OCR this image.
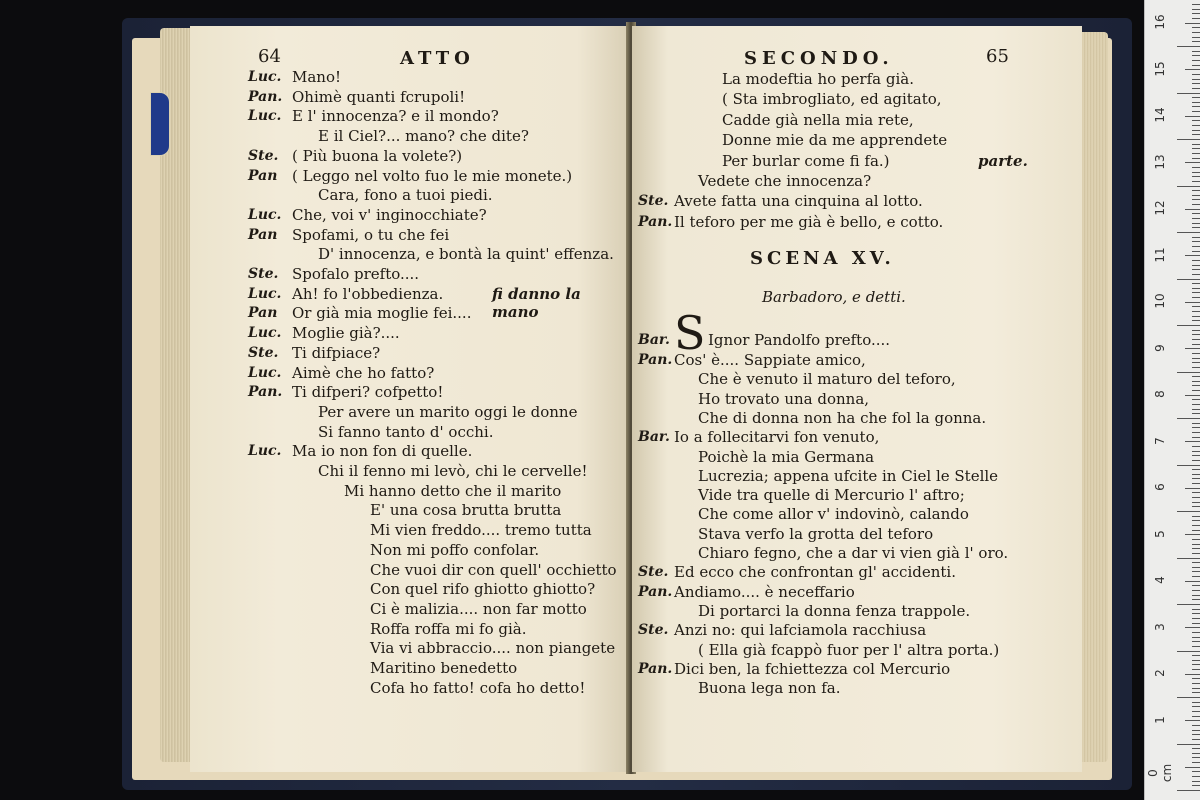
64	ATTO
Luc. Mano!
Pan. Ohimè quanti fcrupoli!
Luc. E l' innocenza? e il mondo?
E il Ciel?... mano? che dite?
Ste. ( Più buona la volete?)
Pan ( Leggo nel volto fuo le mie monete.)
Cara, fono a tuoi piedi.
Luc. Che, voi v' inginocchiate?
Pan Spofami, o tu che fei
D' innocenza, e bontà la quint' effenza.
Ste. Spofalo prefto....
Luc. Ah! fo l'obbedienza.	fi danno la mano
Pan Or già mia moglie fei....
Luc. Moglie già?....
Ste. Ti difpiace?
Luc. Aimè che ho fatto?
Pan. Ti difperi? cofpetto!
Per avere un marito oggi le donne
Si fanno tanto d' occhi.
Luc. Ma io non fon di quelle.
Chi il fenno mi levò, chi le cervelle!
Mi hanno detto che il marito
E' una cosa brutta brutta
Mi vien freddo.... tremo tutta
Non mi poffo confolar.
Che vuoi dir con quell' occhietto
Con quel rifo ghiotto ghiotto?
Ci è malizia.... non far motto
Roffa roffa mi fo già.
Via vi abbraccio.... non piangete
Maritino benedetto
Cofa ho fatto! cofa ho detto!
SECONDO.	65
La modeftia ho perfa già.
( Sta imbrogliato, ed agitato,
Cadde già nella mia rete,
Donne mie da me apprendete
Per burlar come fi fa.)	parte.
Vedete che innocenza?
Ste. Avete fatta una cinquina al lotto.
Pan. Il teforo per me già è bello, e cotto.
SCENA XV.
Barbadoro, e detti.
Bar. S Ignor Pandolfo prefto....
Pan. Cos' è.... Sappiate amico,
Che è venuto il maturo del teforo,
Ho trovato una donna,
Che di donna non ha che fol la gonna.
Bar. Io a follecitarvi fon venuto,
Poichè la mia Germana
Lucrezia; appena ufcite in Ciel le Stelle
Vide tra quelle di Mercurio l' aftro;
Che come allor v' indovinò, calando
Stava verfo la grotta del teforo
Chiaro fegno, che a dar vi vien già l' oro.
Ste. Ed ecco che confrontan gl' accidenti.
Pan. Andiamo.... è neceffario
Di portarci la donna fenza trappole.
Ste. Anzi no: qui lafciamola racchiusa
( Ella già fcappò fuor per l' altra porta.)
Pan. Dici ben, la fchiettezza col Mercurio
Buona lega non fa.
0 cm
1
2
3
4
5
6
7
8
9
10
11
12
13
14
15
16
